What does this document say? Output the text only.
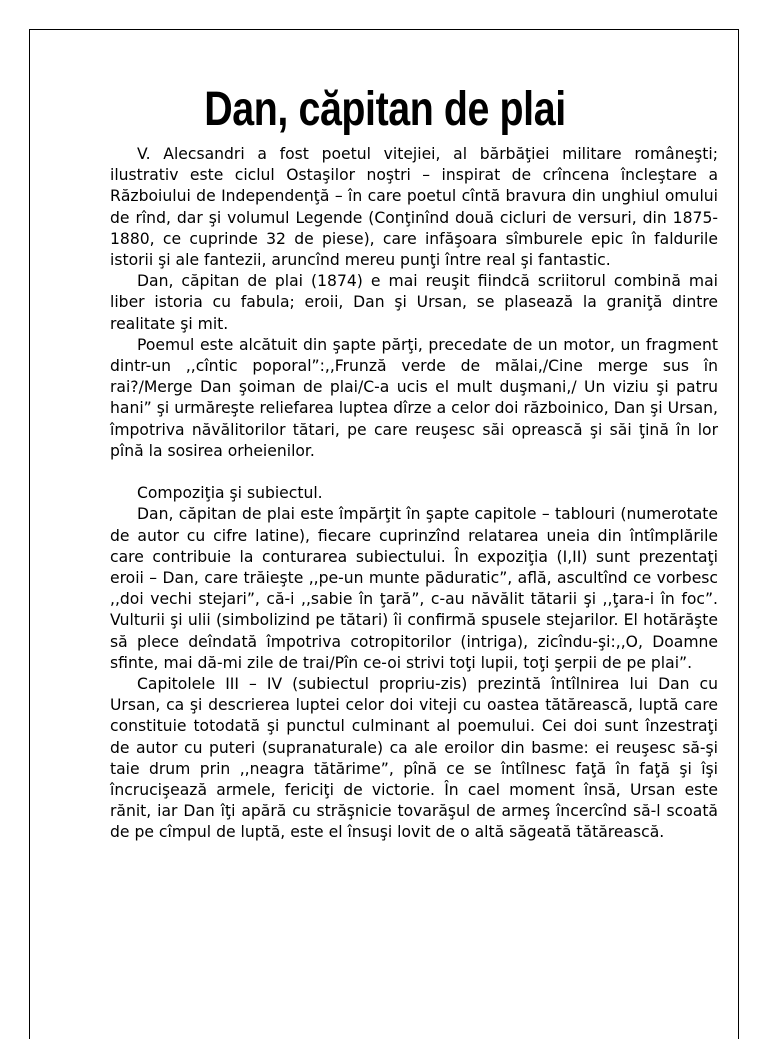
Dan, căpitan de plai

V. Alecsandri a fost poetul vitejiei, al bărbăţiei militare româneşti; ilustrativ este ciclul Ostaşilor noştri – inspirat de crîncena încleştare a Războiului de Independenţă – în care poetul cîntă bravura din unghiul omului de rînd, dar şi volumul Legende (Conţinînd două cicluri de versuri, din 1875-1880, ce cuprinde 32 de piese), care infăşoara sîmburele epic în faldurile istorii şi ale fantezii, aruncînd mereu punţi între real şi fantastic.

Dan, căpitan de plai (1874) e mai reuşit fiindcă scriitorul combină mai liber istoria cu fabula; eroii, Dan şi Ursan, se plasează la graniţă dintre realitate şi mit.

Poemul este alcătuit din şapte părţi, precedate de un motor, un fragment dintr-un ,,cîntic poporal”:,,Frunză verde de mălai,/Cine merge sus în rai?/Merge Dan şoiman de plai/C-a ucis el mult duşmani,/ Un viziu şi patru hani” şi urmăreşte reliefarea luptea dîrze a celor doi războinico, Dan şi Ursan, împotriva năvălitorilor tătari, pe care reuşesc săi oprească şi săi ţină în lor pînă la sosirea orheienilor.

Compoziţia şi subiectul.

Dan, căpitan de plai este împărţit în şapte capitole – tablouri (numerotate de autor cu cifre latine), fiecare cuprinzînd relatarea uneia din întîmplările care contribuie la conturarea subiectului. În expoziţia (I,II) sunt prezentaţi eroii – Dan, care trăieşte ,,pe-un munte păduratic”, află, ascultînd ce vorbesc ,,doi vechi stejari”, că-i ,,sabie în ţară”, c-au năvălit tătarii şi ,,ţara-i în foc”. Vulturii şi ulii (simbolizind pe tătari) îi confirmă spusele stejarilor. El hotărăşte să plece deîndată împotriva cotropitorilor (intriga), zicîndu-şi:,,O, Doamne sfinte, mai dă-mi zile de trai/Pîn ce-oi strivi toţi lupii, toţi şerpii de pe plai”.

Capitolele III – IV (subiectul propriu-zis) prezintă întîlnirea lui Dan cu Ursan, ca şi descrierea luptei celor doi viteji cu oastea tătărească, luptă care constituie totodată şi punctul culminant al poemului. Cei doi sunt înzestraţi de autor cu puteri (supranaturale) ca ale eroilor din basme: ei reuşesc să-şi taie drum prin ,,neagra tătărime”, pînă ce se întîlnesc faţă în faţă şi îşi încrucişează armele, fericiţi de victorie. În cael moment însă, Ursan este rănit, iar Dan îţi apără cu străşnicie tovarăşul de armeş încercînd să-l scoată de pe cîmpul de luptă, este el însuşi lovit de o altă săgeată tătărească.
